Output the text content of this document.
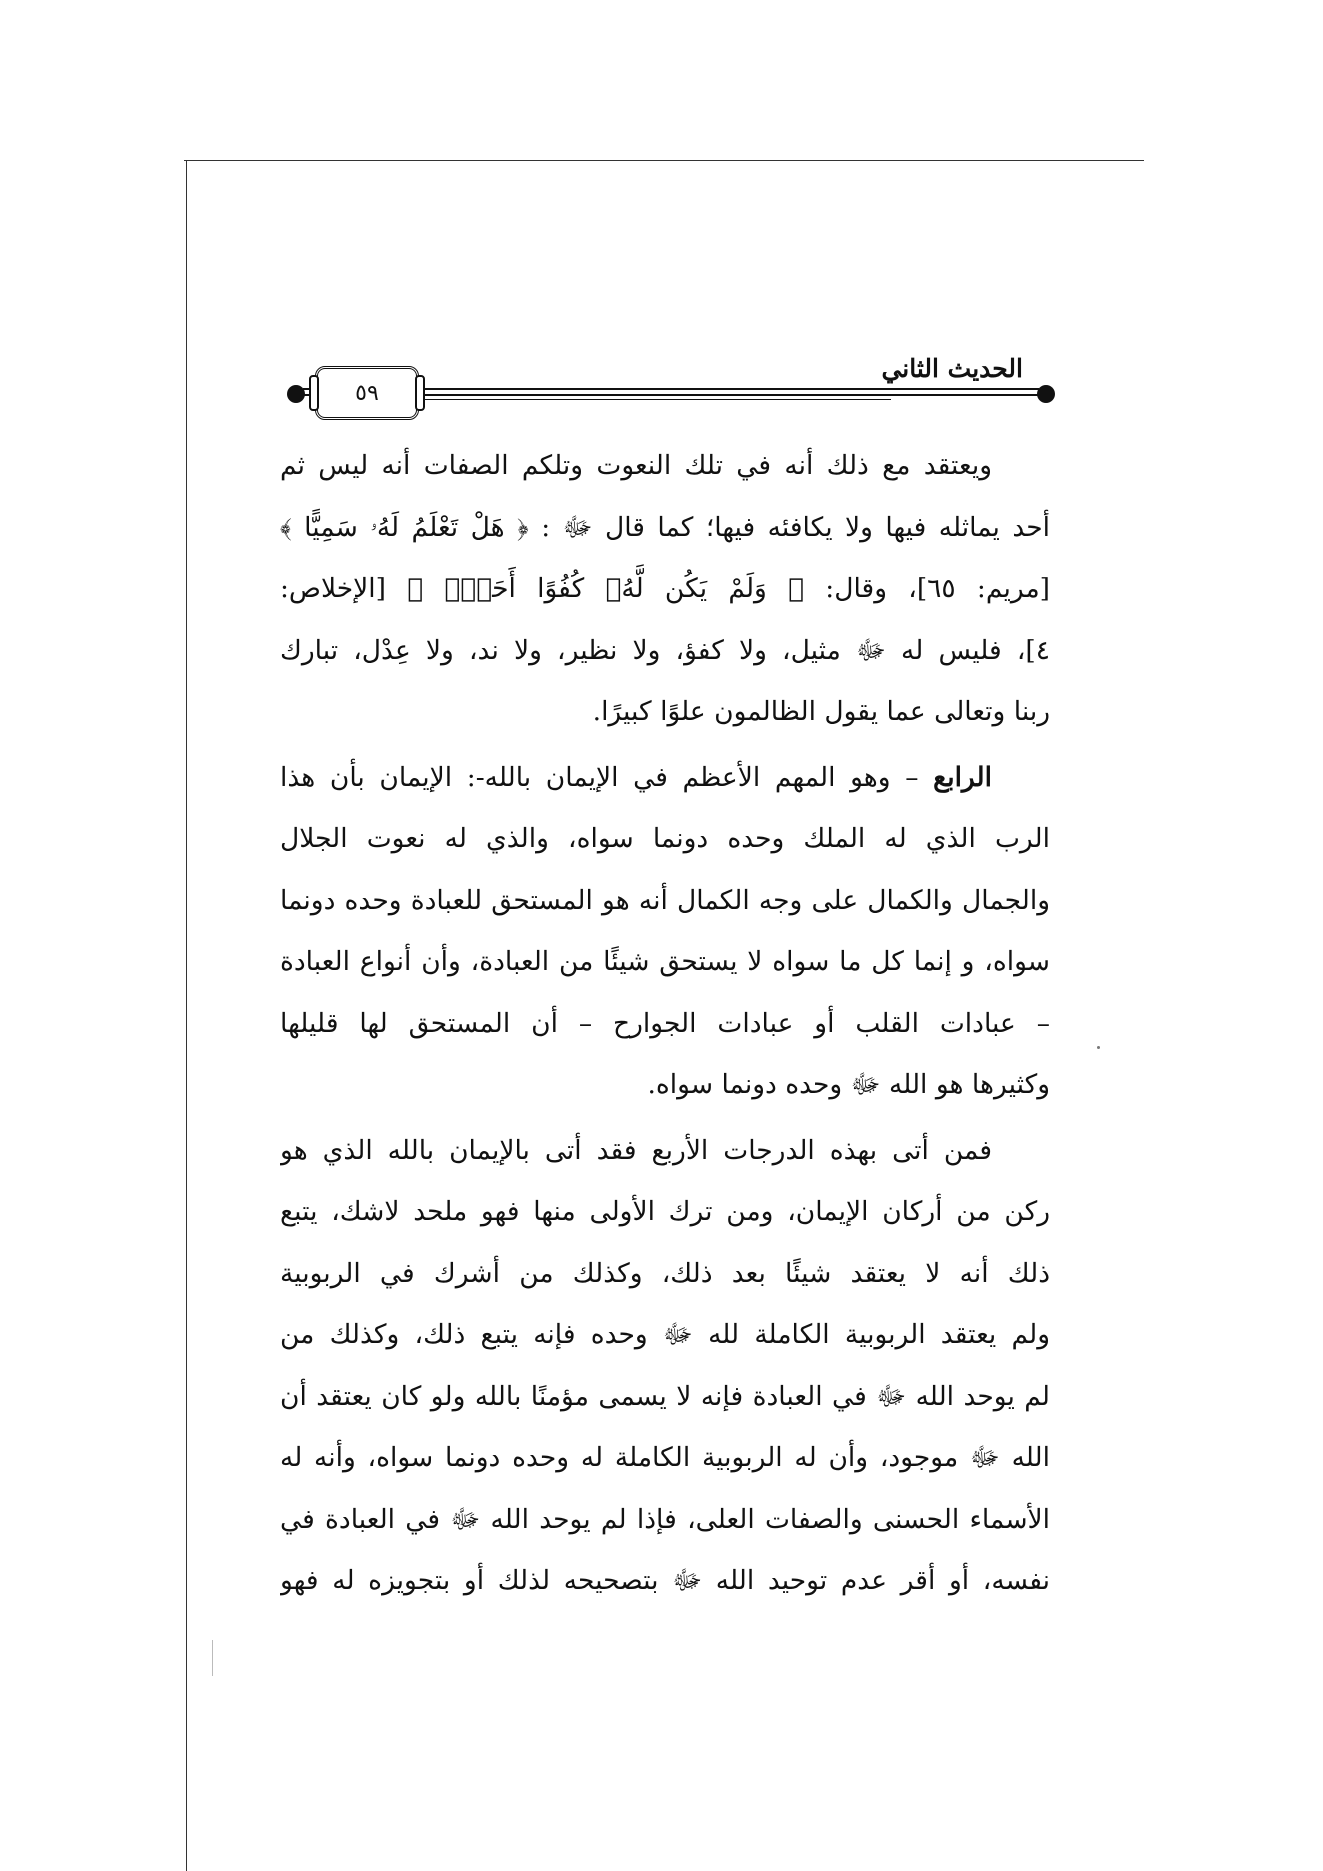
٥٩
الحديث الثاني

ويعتقد مع ذلك أنه في تلك النعوت وتلكم الصفات أنه ليس ثم
أحد يماثله فيها ولا يكافئه فيها؛ كما قال ﷻ : ﴿ هَلْ تَعْلَمُ لَهُۥ سَمِيًّا ﴾
[مريم: ٦٥]، وقال: ﴿ وَلَمْ يَكُن لَّهُۥ كُفُوًا أَحَدٌۢ ﴾ [الإخلاص:
٤]، فليس له ﷻ مثيل، ولا كفؤ، ولا نظير، ولا ند، ولا عِدْل، تبارك
ربنا وتعالى عما يقول الظالمون علوًا كبيرًا.

الرابع – وهو المهم الأعظم في الإيمان بالله-: الإيمان بأن هذا
الرب الذي له الملك وحده دونما سواه، والذي له نعوت الجلال
والجمال والكمال على وجه الكمال أنه هو المستحق للعبادة وحده دونما
سواه، و إنما كل ما سواه لا يستحق شيئًا من العبادة، وأن أنواع العبادة
– عبادات القلب أو عبادات الجوارح – أن المستحق لها قليلها
وكثيرها هو الله ﷻ وحده دونما سواه.

فمن أتى بهذه الدرجات الأربع فقد أتى بالإيمان بالله الذي هو
ركن من أركان الإيمان، ومن ترك الأولى منها فهو ملحد لاشك، يتبع
ذلك أنه لا يعتقد شيئًا بعد ذلك، وكذلك من أشرك في الربوبية
ولم يعتقد الربوبية الكاملة لله ﷻ وحده فإنه يتبع ذلك، وكذلك من
لم يوحد الله ﷻ في العبادة فإنه لا يسمى مؤمنًا بالله ولو كان يعتقد أن
الله ﷻ موجود، وأن له الربوبية الكاملة له وحده دونما سواه، وأنه له
الأسماء الحسنى والصفات العلى، فإذا لم يوحد الله ﷻ في العبادة في
نفسه، أو أقر عدم توحيد الله ﷻ بتصحيحه لذلك أو بتجويزه له فهو
